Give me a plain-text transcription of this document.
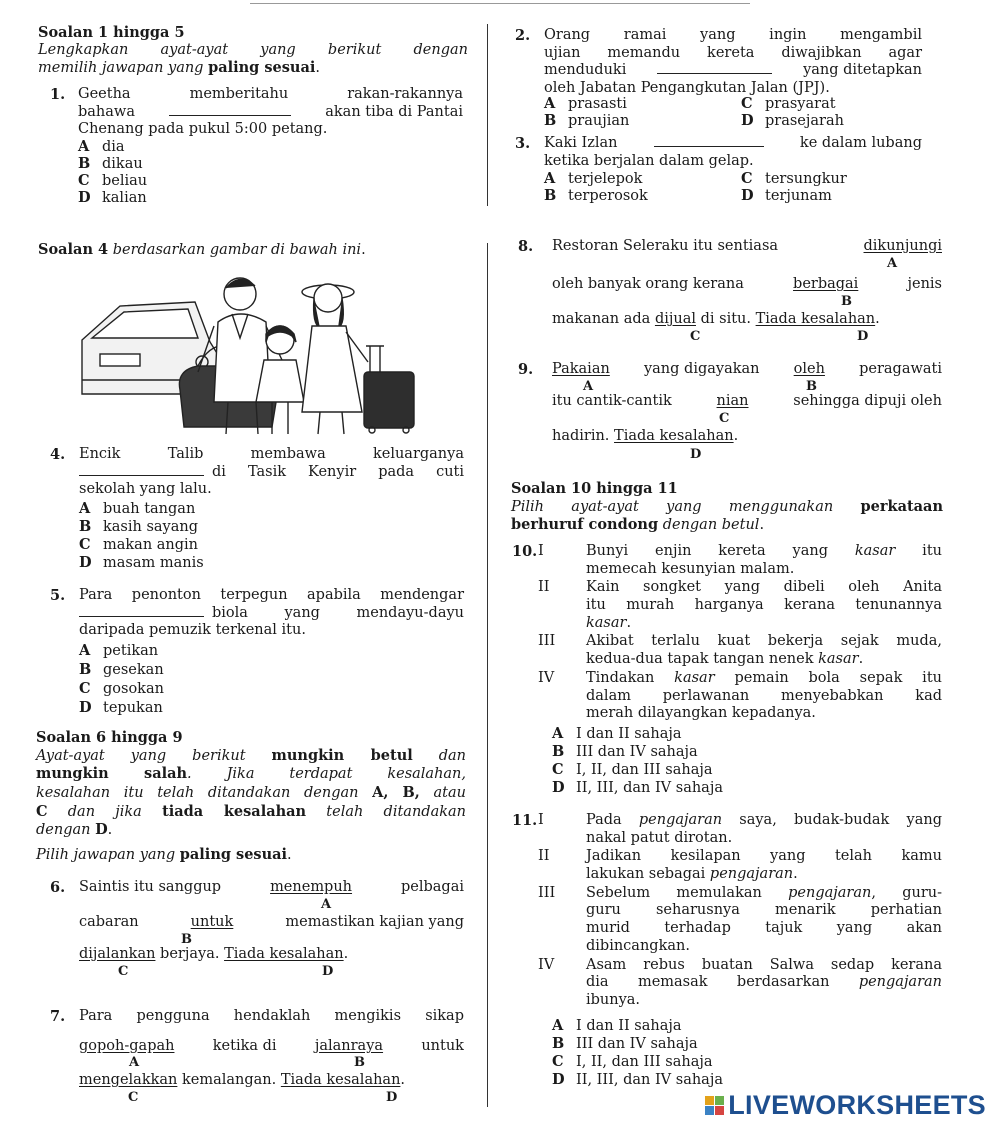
Soalan 1 hingga 5
Lengkapkan ayat-ayat yang berikut dengan
memilih jawapan yang paling sesuai.
1. Geetha memberitahu rakan-rakannya
bahawa	akan tiba di Pantai
Chenang pada pukul 5:00 petang.
A dia
B dikau
C beliau
D kalian
2. Orang ramai yang ingin mengambil
ujian memandu kereta diwajibkan agar
menduduki	yang ditetapkan
oleh Jabatan Pengangkutan Jalan (JPJ).
A prasasti
B praujian
C prasyarat
D prasejarah
3. Kaki Izlan	ke dalam lubang
ketika berjalan dalam gelap.
A terjelepok
B terperosok
C tersungkur
D terjunam
Soalan 4 berdasarkan gambar di bawah ini.
4. Encik Talib membawa keluarganya
di Tasik Kenyir pada cuti
sekolah yang lalu.
A buah tangan
B kasih sayang
C makan angin
D masam manis
5. Para penonton terpegun apabila mendengar
biola yang mendayu-dayu
daripada pemuzik terkenal itu.
A petikan
B gesekan
C gosokan
D tepukan
Soalan 6 hingga 9
Ayat-ayat yang berikut mungkin betul dan
mungkin salah. Jika terdapat kesalahan,
kesalahan itu telah ditandakan dengan A, B, atau
C dan jika tiada kesalahan telah ditandakan
dengan D.
Pilih jawapan yang paling sesuai.
6. Saintis itu sanggup	menempuh	pelbagai
A
cabaran	untuk	memastikan kajian yang
B
dijalankan berjaya. Tiada kesalahan.
C	D
7. Para pengguna hendaklah mengikis sikap
gopoh-gapah	ketika di	jalanraya	untuk
A	B
mengelakkan kemalangan. Tiada kesalahan.
C	D
8. Restoran Seleraku itu sentiasa	dikunjungi
A
oleh banyak orang kerana	berbagai	jenis
B
makanan ada dijual di situ. Tiada kesalahan.
C	D
9. Pakaian yang digayakan oleh peragawati
A	B
itu cantik-cantik	nian	sehingga dipuji oleh
C
hadirin. Tiada kesalahan.
D
Soalan 10 hingga 11
Pilih ayat-ayat yang menggunakan perkataan
berhuruf condong dengan betul.
10. I	Bunyi enjin kereta yang kasar itu
memecah kesunyian malam.
II	Kain songket yang dibeli oleh Anita
itu murah harganya kerana tenunannya
kasar.
III Akibat terlalu kuat bekerja sejak muda,
kedua-dua tapak tangan nenek kasar.
IV Tindakan kasar pemain bola sepak itu
dalam perlawanan menyebabkan kad
merah dilayangkan kepadanya.
A I dan II sahaja
B III dan IV sahaja
C I, II, dan III sahaja
D II, III, dan IV sahaja
11. I	Pada pengajaran saya, budak-budak yang
nakal patut dirotan.
II	Jadikan kesilapan yang telah kamu
lakukan sebagai pengajaran.
III Sebelum memulakan pengajaran, guru-
guru seharusnya menarik perhatian
murid terhadap tajuk yang akan
dibincangkan.
IV Asam rebus buatan Salwa sedap kerana
dia memasak berdasarkan pengajaran
ibunya.
A I dan II sahaja
B III dan IV sahaja
C I, II, dan III sahaja
D II, III, dan IV sahaja
LIVEWORKSHEETS
